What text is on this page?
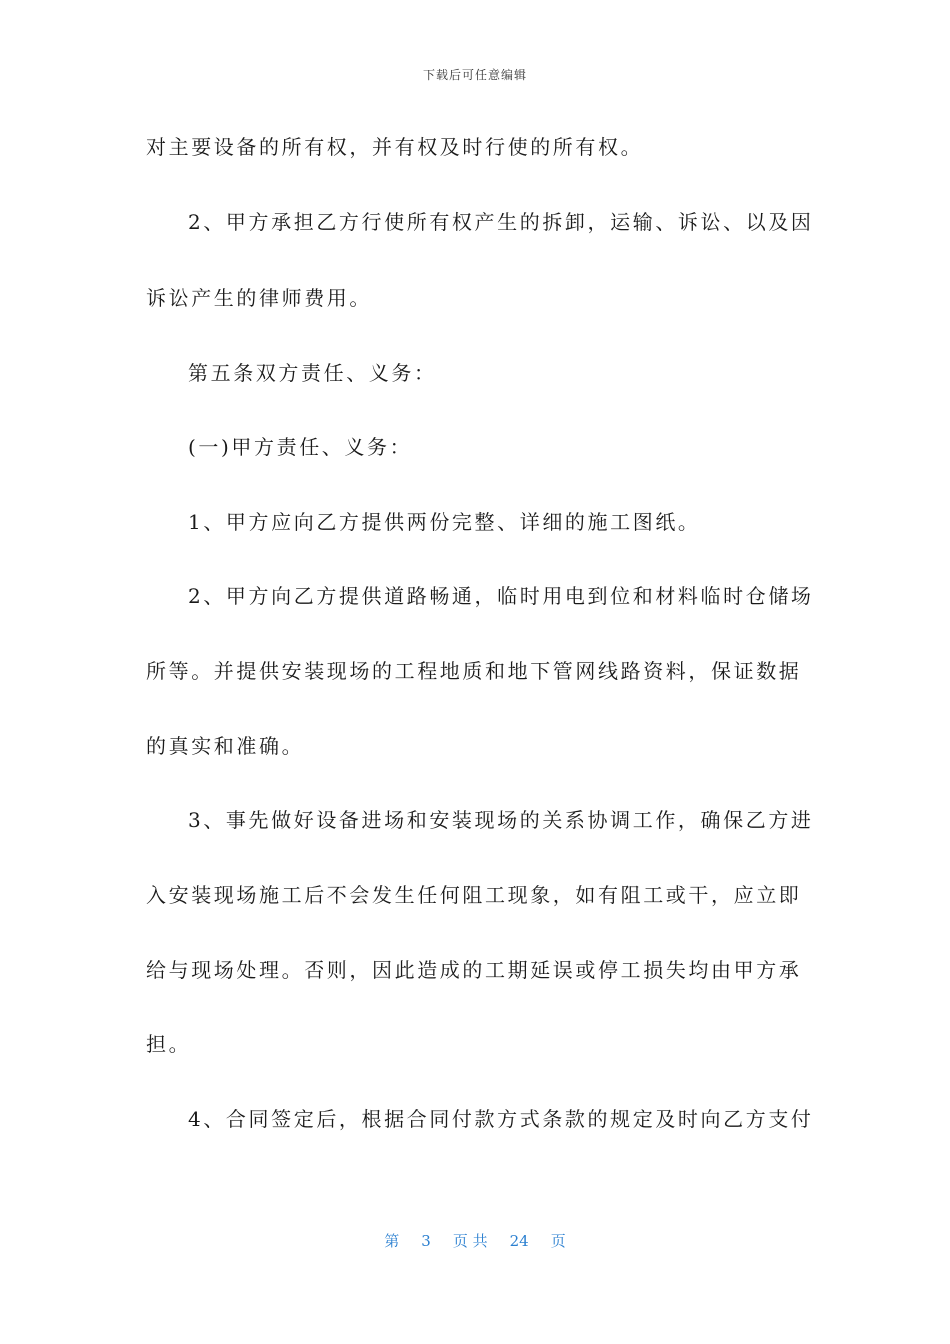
下载后可任意编辑
对主要设备的所有权，并有权及时行使的所有权。
2、甲方承担乙方行使所有权产生的拆卸，运输、诉讼、以及因
诉讼产生的律师费用。
第五条双方责任、义务：
(一)甲方责任、义务：
1、甲方应向乙方提供两份完整、详细的施工图纸。
2、甲方向乙方提供道路畅通，临时用电到位和材料临时仓储场
所等。并提供安装现场的工程地质和地下管网线路资料，保证数据
的真实和准确。
3、事先做好设备进场和安装现场的关系协调工作，确保乙方进
入安装现场施工后不会发生任何阻工现象，如有阻工或干，应立即
给与现场处理。否则，因此造成的工期延误或停工损失均由甲方承
担。
4、合同签定后，根据合同付款方式条款的规定及时向乙方支付
第 3 页 共 24 页
